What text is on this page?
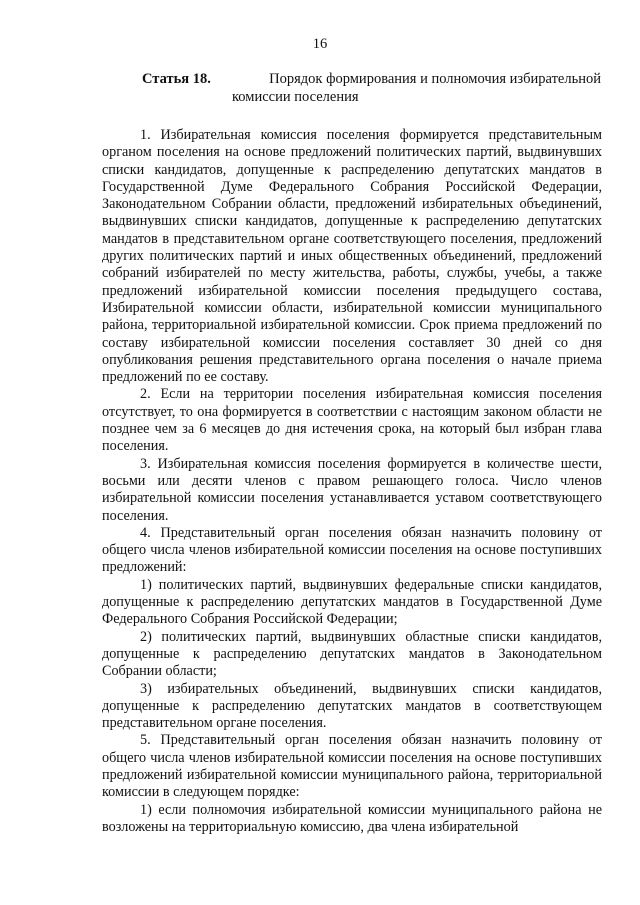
16
Статья 18.	Порядок формирования и полномочия избирательной
комиссии поселения

1. Избирательная комиссия поселения формируется представительным органом поселения на основе предложений политических партий, выдвинувших списки кандидатов, допущенные к распределению депутатских мандатов в Государственной Думе Федерального Собрания Российской Федерации, Законодательном Собрании области, предложений избирательных объединений, выдвинувших списки кандидатов, допущенные к распределению депутатских мандатов в представительном органе соответствующего поселения, предложений других политических партий и иных общественных объединений, предложений собраний избирателей по месту жительства, работы, службы, учебы, а также предложений избирательной комиссии поселения предыдущего состава, Избирательной комиссии области, избирательной комиссии муниципального района, территориальной избирательной комиссии. Срок приема предложений по составу избирательной комиссии поселения составляет 30 дней со дня опубликования решения представительного органа поселения о начале приема предложений по ее составу.

2. Если на территории поселения избирательная комиссия поселения отсутствует, то она формируется в соответствии с настоящим законом области не позднее чем за 6 месяцев до дня истечения срока, на который был избран глава поселения.

3. Избирательная комиссия поселения формируется в количестве шести, восьми или десяти членов с правом решающего голоса. Число членов избирательной комиссии поселения устанавливается уставом соответствующего поселения.

4. Представительный орган поселения обязан назначить половину от общего числа членов избирательной комиссии поселения на основе поступивших предложений:

1) политических партий, выдвинувших федеральные списки кандидатов, допущенные к распределению депутатских мандатов в Государственной Думе Федерального Собрания Российской Федерации;

2) политических партий, выдвинувших областные списки кандидатов, допущенные к распределению депутатских мандатов в Законодательном Собрании области;

3) избирательных объединений, выдвинувших списки кандидатов, допущенные к распределению депутатских мандатов в соответствующем представительном органе поселения.

5. Представительный орган поселения обязан назначить половину от общего числа членов избирательной комиссии поселения на основе поступивших предложений избирательной комиссии муниципального района, территориальной комиссии в следующем порядке:

1) если полномочия избирательной комиссии муниципального района не возложены на территориальную комиссию, два члена избирательной
